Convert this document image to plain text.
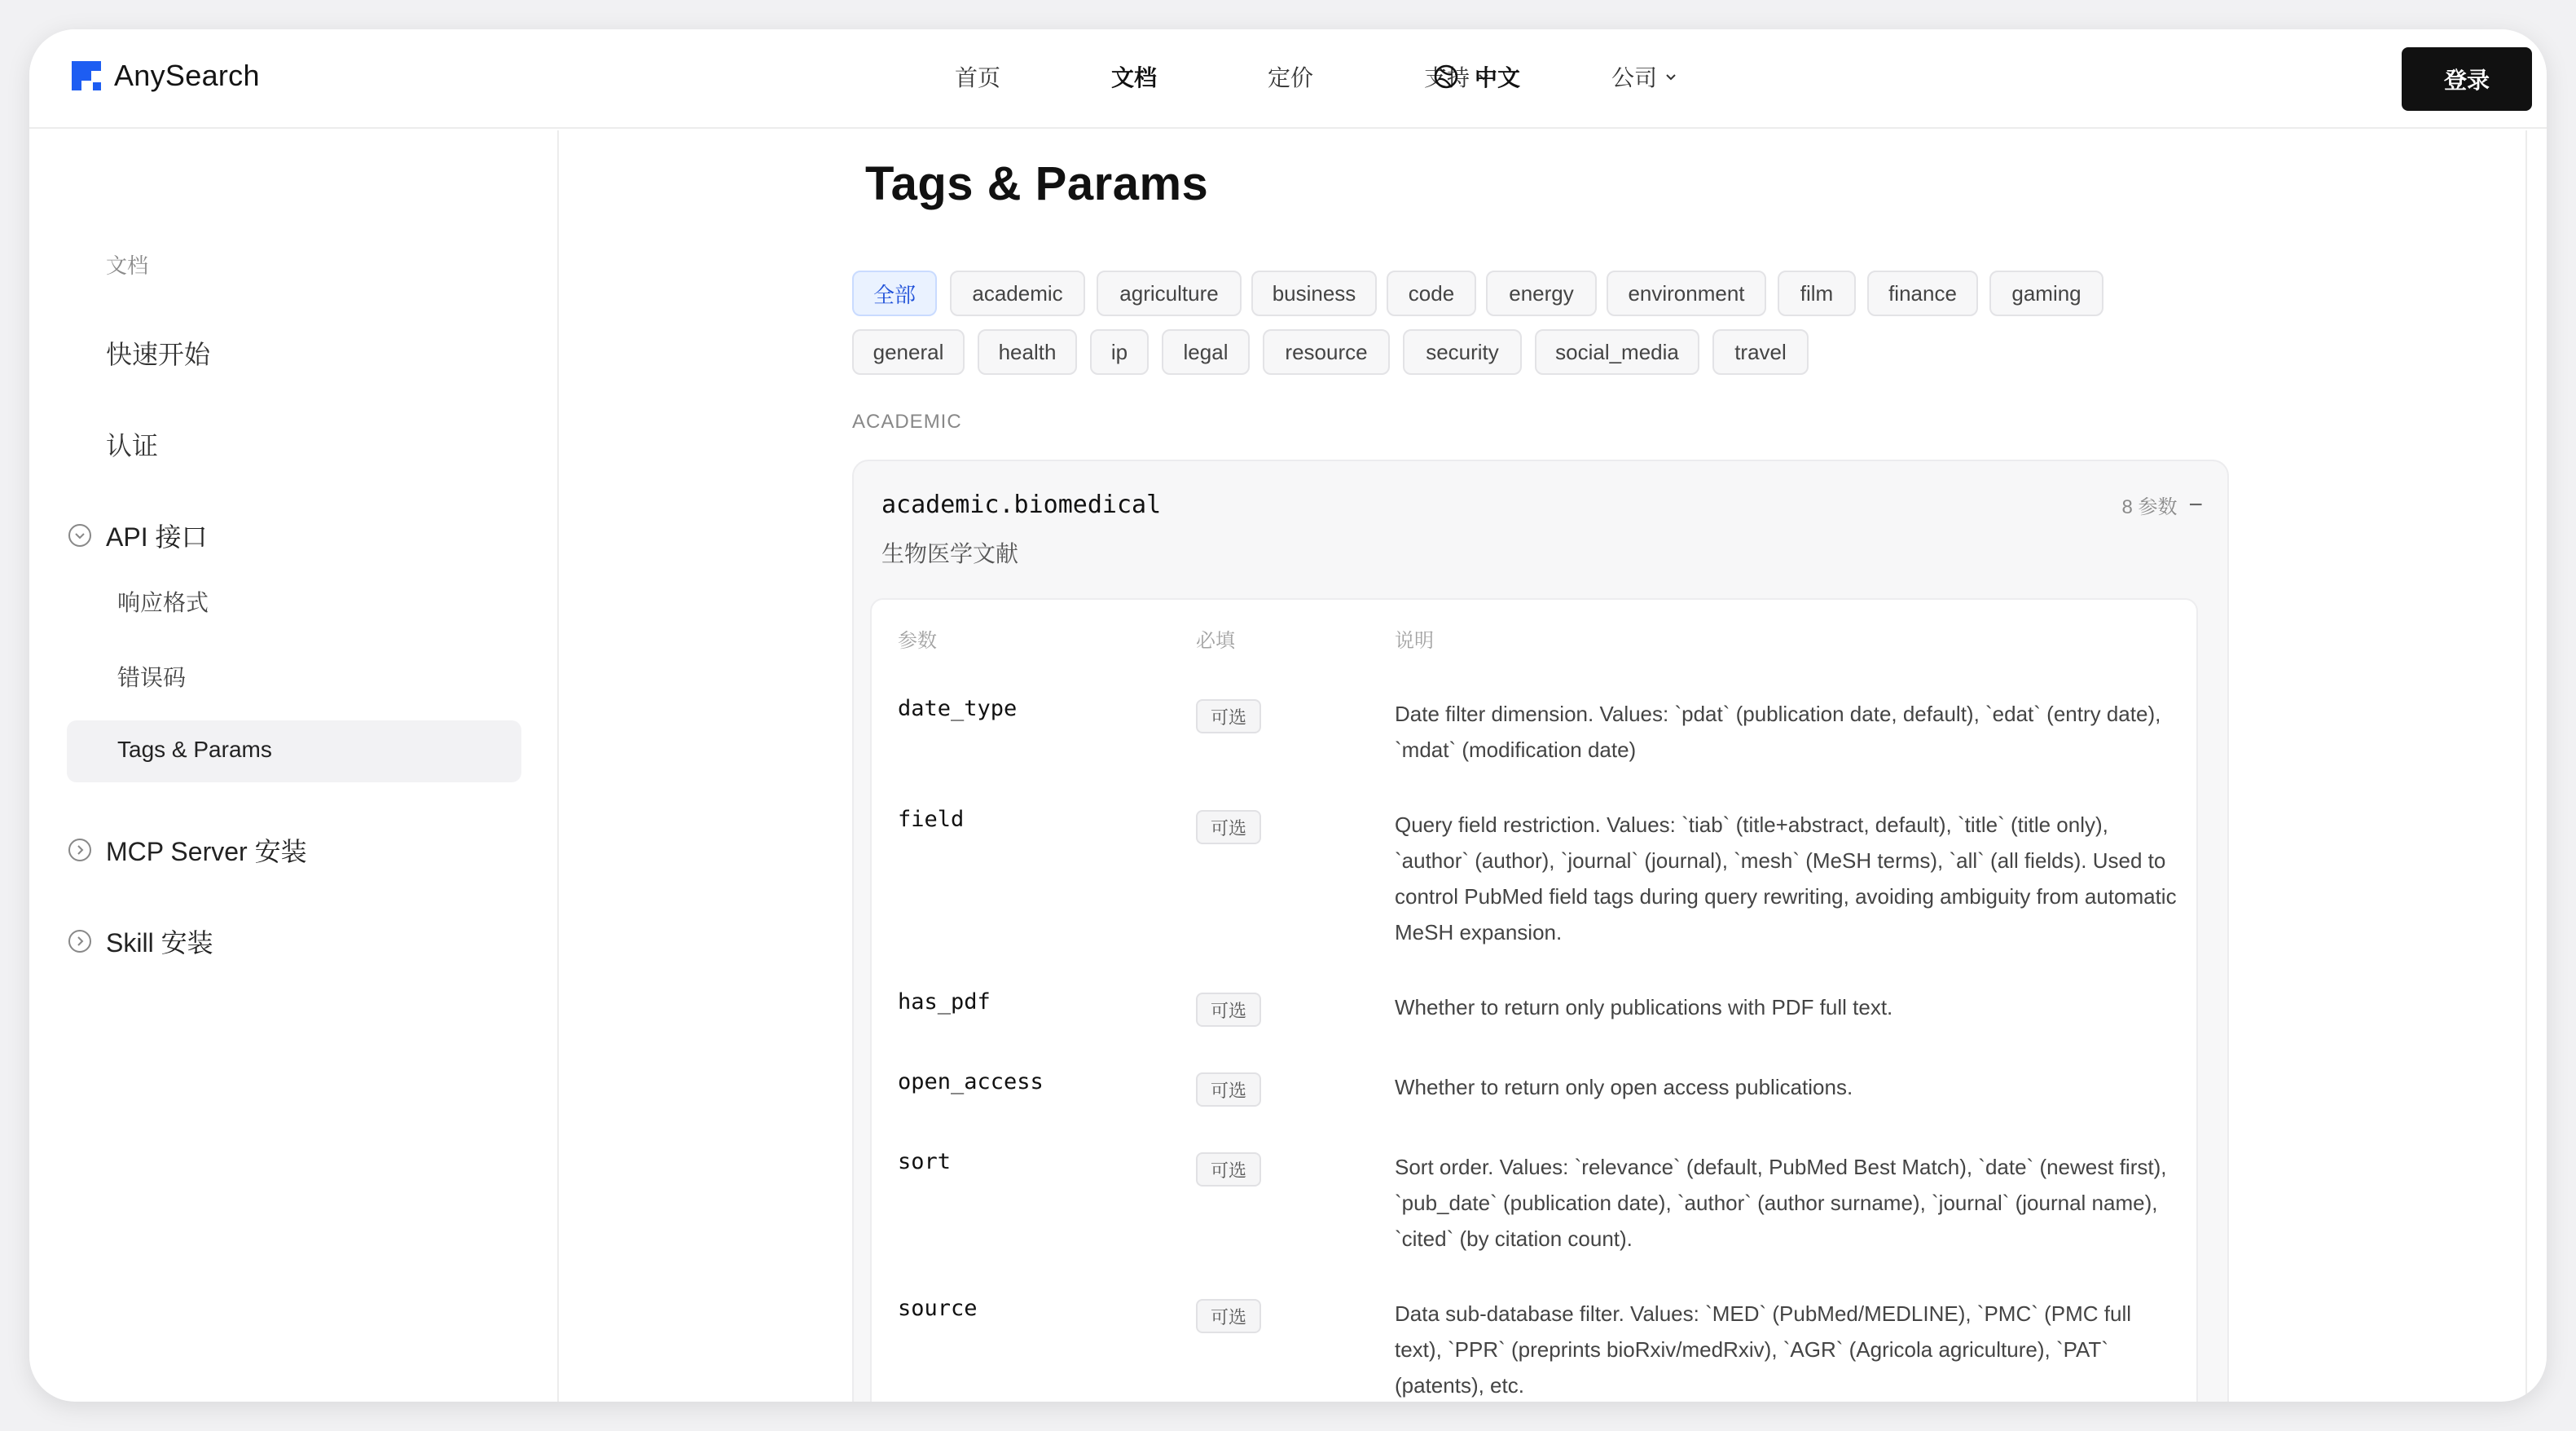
AnySearch	首页	文档	定价	支持	公司
中文	登录
文档
快速开始
认证
API 接口
响应格式
错误码
Tags & Params
MCP Server 安装
Skill 安装
Tags & Params
全部	academic	agriculture	business	code	energy	environment	film	finance	gaming
general	health	ip	legal	resource	security	social_media	travel
ACADEMIC
academic.biomedical
生物医学文献
8 参数 −
参数	必填	说明
date_type	可选	Date filter dimension. Values: `pdat` (publication date, default), `edat` (entry date), `mdat` (modification date)
field	可选	Query field restriction. Values: `tiab` (title+abstract, default), `title` (title only), `author` (author), `journal` (journal), `mesh` (MeSH terms), `all` (all fields). Used to control PubMed field tags during query rewriting, avoiding ambiguity from automatic MeSH expansion.
has_pdf	可选	Whether to return only publications with PDF full text.
open_access	可选	Whether to return only open access publications.
sort	可选	Sort order. Values: `relevance` (default, PubMed Best Match), `date` (newest first), `pub_date` (publication date), `author` (author surname), `journal` (journal name), `cited` (by citation count).
source	可选	Data sub-database filter. Values: `MED` (PubMed/MEDLINE), `PMC` (PMC full text), `PPR` (preprints bioRxiv/medRxiv), `AGR` (Agricola agriculture), `PAT` (patents), etc.
